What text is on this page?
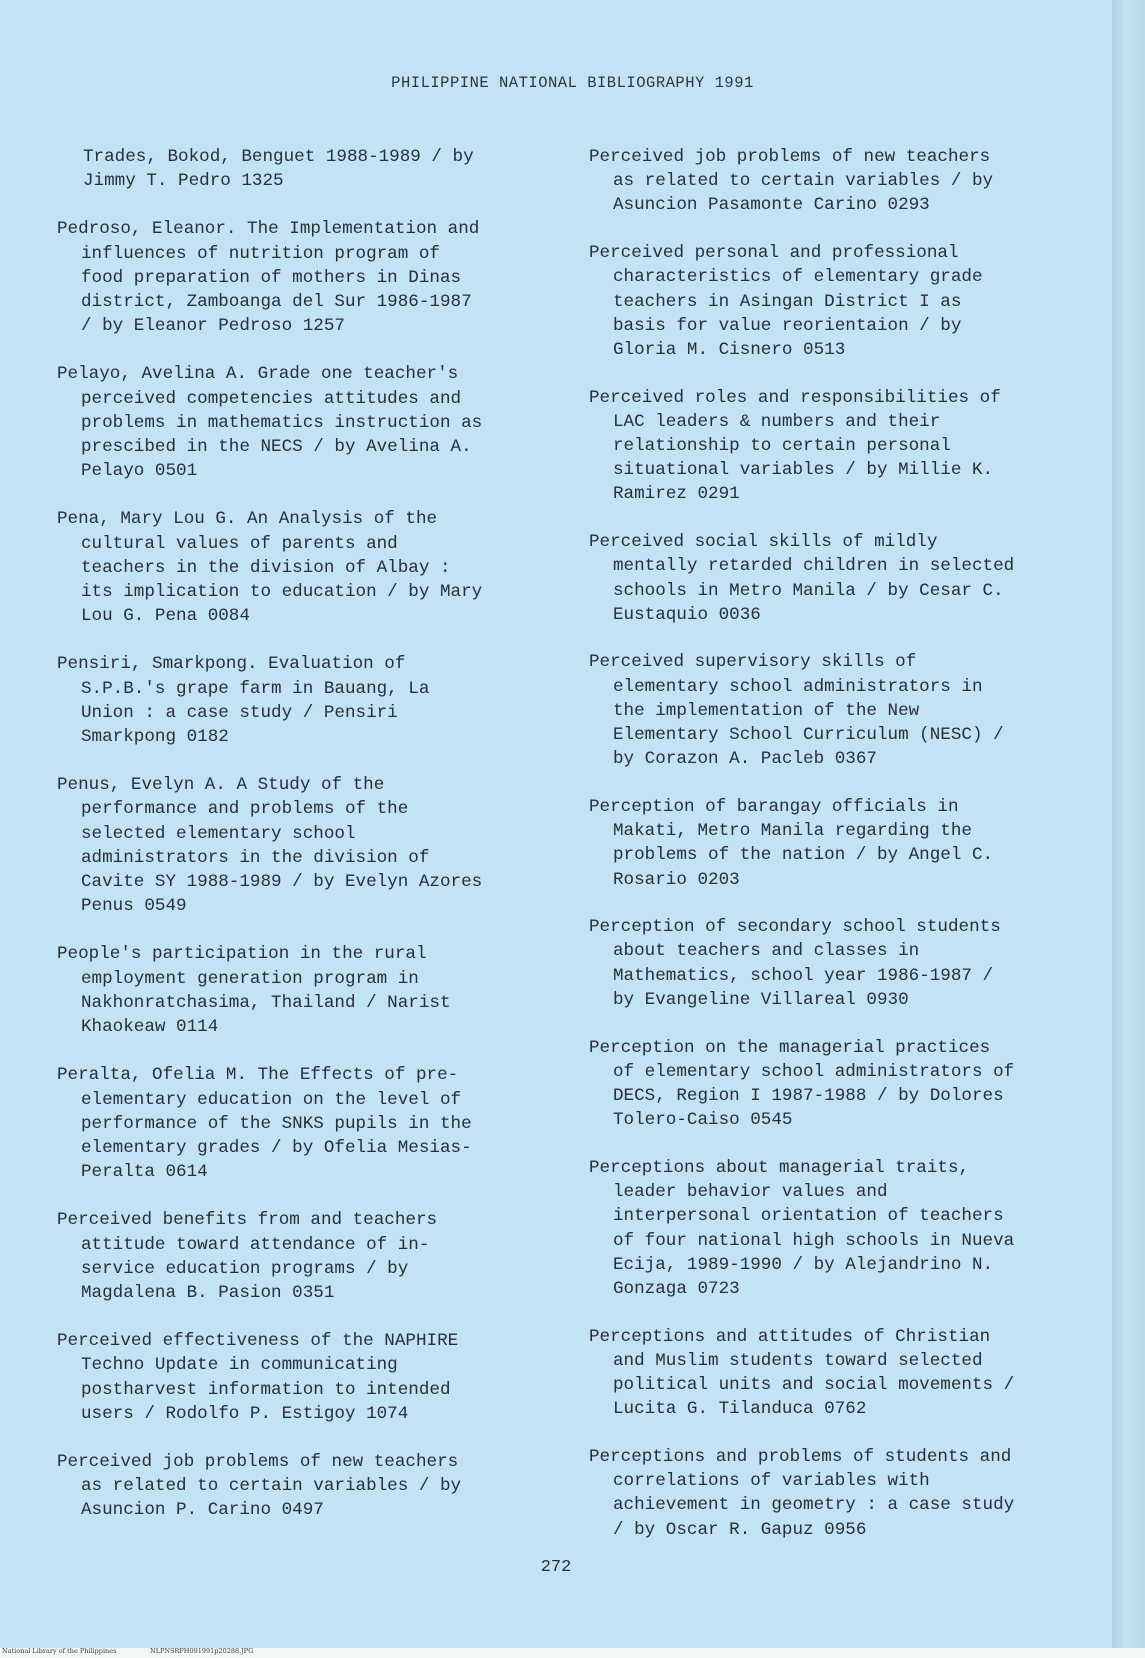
PHILIPPINE NATIONAL BIBLIOGRAPHY 1991

Trades, Bokod, Benguet 1988-1989 / by
Jimmy T. Pedro 1325

Pedroso, Eleanor. The Implementation and
influences of nutrition program of
food preparation of mothers in Dinas
district, Zamboanga del Sur 1986-1987
/ by Eleanor Pedroso 1257

Pelayo, Avelina A. Grade one teacher's
perceived competencies attitudes and
problems in mathematics instruction as
prescibed in the NECS / by Avelina A.
Pelayo 0501

Pena, Mary Lou G. An Analysis of the
cultural values of parents and
teachers in the division of Albay :
its implication to education / by Mary
Lou G. Pena 0084

Pensiri, Smarkpong. Evaluation of
S.P.B.'s grape farm in Bauang, La
Union : a case study / Pensiri
Smarkpong 0182

Penus, Evelyn A. A Study of the
performance and problems of the
selected elementary school
administrators in the division of
Cavite SY 1988-1989 / by Evelyn Azores
Penus 0549

People's participation in the rural
employment generation program in
Nakhonratchasima, Thailand / Narist
Khaokeaw 0114

Peralta, Ofelia M. The Effects of pre-
elementary education on the level of
performance of the SNKS pupils in the
elementary grades / by Ofelia Mesias-
Peralta 0614

Perceived benefits from and teachers
attitude toward attendance of in-
service education programs / by
Magdalena B. Pasion 0351

Perceived effectiveness of the NAPHIRE
Techno Update in communicating
postharvest information to intended
users / Rodolfo P. Estigoy 1074

Perceived job problems of new teachers
as related to certain variables / by
Asuncion P. Carino 0497

Perceived job problems of new teachers
as related to certain variables / by
Asuncion Pasamonte Carino 0293

Perceived personal and professional
characteristics of elementary grade
teachers in Asingan District I as
basis for value reorientaion / by
Gloria M. Cisnero 0513

Perceived roles and responsibilities of
LAC leaders & numbers and their
relationship to certain personal
situational variables / by Millie K.
Ramirez 0291

Perceived social skills of mildly
mentally retarded children in selected
schools in Metro Manila / by Cesar C.
Eustaquio 0036

Perceived supervisory skills of
elementary school administrators in
the implementation of the New
Elementary School Curriculum (NESC) /
by Corazon A. Pacleb 0367

Perception of barangay officials in
Makati, Metro Manila regarding the
problems of the nation / by Angel C.
Rosario 0203

Perception of secondary school students
about teachers and classes in
Mathematics, school year 1986-1987 /
by Evangeline Villareal 0930

Perception on the managerial practices
of elementary school administrators of
DECS, Region I 1987-1988 / by Dolores
Tolero-Caiso 0545

Perceptions about managerial traits,
leader behavior values and
interpersonal orientation of teachers
of four national high schools in Nueva
Ecija, 1989-1990 / by Alejandrino N.
Gonzaga 0723

Perceptions and attitudes of Christian
and Muslim students toward selected
political units and social movements /
Lucita G. Tilanduca 0762

Perceptions and problems of students and
correlations of variables with
achievement in geometry : a case study
/ by Oscar R. Gapuz 0956

272
National Library of the Philippines	NLPNSRPH091991p20288.JPG
